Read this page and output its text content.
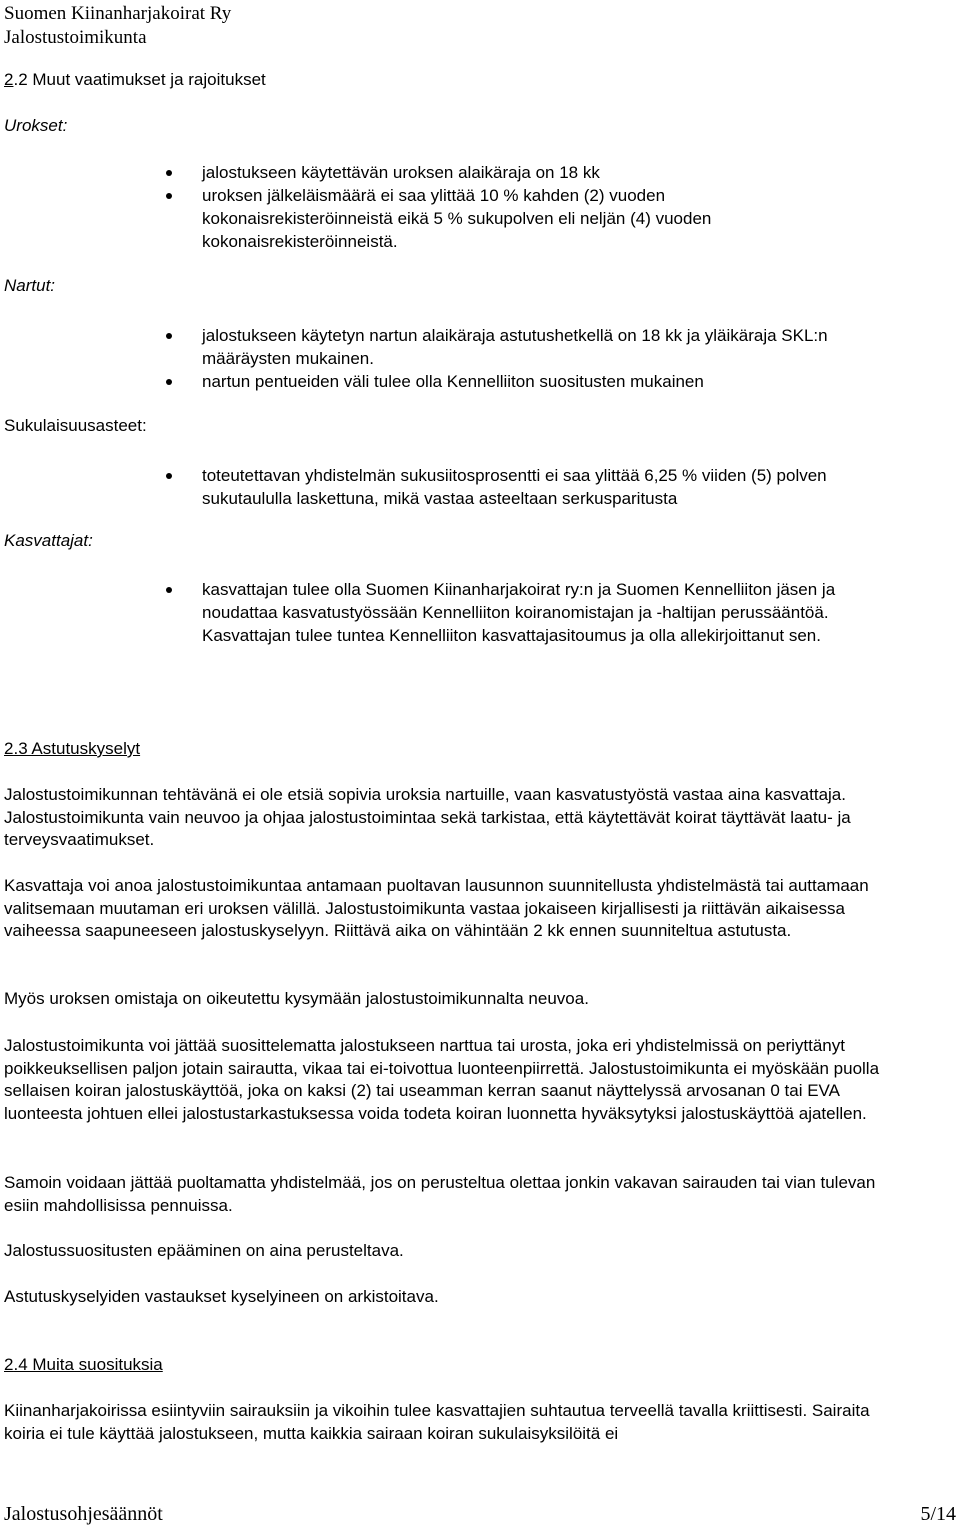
Suomen Kiinanharjakoirat Ry
Jalostustoimikunta
2.2 Muut vaatimukset ja rajoitukset
Urokset:
jalostukseen käytettävän uroksen alaikäraja on 18 kk
uroksen jälkeläismäärä ei saa ylittää 10 % kahden (2) vuoden kokonaisrekisteröinneistä eikä 5 % sukupolven eli neljän (4) vuoden kokonaisrekisteröinneistä.
Nartut:
jalostukseen käytetyn nartun alaikäraja astutushetkellä on 18 kk ja yläikäraja SKL:n määräysten mukainen.
nartun pentueiden väli tulee olla Kennelliiton suositusten mukainen
Sukulaisuusasteet:
toteutettavan yhdistelmän sukusiitosprosentti ei saa ylittää 6,25 % viiden (5) polven sukutaululla laskettuna, mikä vastaa asteeltaan serkusparitusta
Kasvattajat:
kasvattajan tulee olla Suomen Kiinanharjakoirat ry:n ja Suomen Kennelliiton jäsen ja noudattaa kasvatustyössään Kennelliiton koiranomistajan ja -haltijan perussääntöä. Kasvattajan tulee tuntea Kennelliiton kasvattajasitoumus ja olla allekirjoittanut sen.
2.3 Astutuskyselyt
Jalostustoimikunnan tehtävänä ei ole etsiä sopivia uroksia nartuille, vaan kasvatustyöstä vastaa aina kasvattaja. Jalostustoimikunta vain neuvoo ja ohjaa jalostustoimintaa sekä tarkistaa, että käytettävät koirat täyttävät laatu- ja terveysvaatimukset.
Kasvattaja voi anoa jalostustoimikuntaa antamaan puoltavan lausunnon suunnitellusta yhdistelmästä tai auttamaan valitsemaan muutaman eri uroksen välillä. Jalostustoimikunta vastaa jokaiseen kirjallisesti ja riittävän aikaisessa vaiheessa saapuneeseen jalostuskyselyyn. Riittävä aika on vähintään 2 kk ennen suunniteltua astutusta.
Myös uroksen omistaja on oikeutettu kysymään jalostustoimikunnalta neuvoa.
Jalostustoimikunta voi jättää suosittelematta jalostukseen narttua tai urosta, joka eri yhdistelmissä on periyttänyt poikkeuksellisen paljon jotain sairautta, vikaa tai ei-toivottua luonteenpiirrettä. Jalostustoimikunta ei myöskään puolla sellaisen koiran jalostuskäyttöä, joka on kaksi (2) tai useamman kerran saanut näyttelyssä arvosanan 0 tai EVA luonteesta johtuen ellei jalostustarkastuksessa voida todeta koiran luonnetta hyväksytyksi jalostuskäyttöä ajatellen.
Samoin voidaan jättää puoltamatta yhdistelmää, jos on perusteltua olettaa jonkin vakavan sairauden tai vian tulevan esiin mahdollisissa pennuissa.
Jalostussuositusten epääminen on aina perusteltava.
Astutuskyselyiden vastaukset kyselyineen on arkistoitava.
2.4 Muita suosituksia
Kiinanharjakoirissa esiintyviin sairauksiin ja vikoihin tulee kasvattajien suhtautua terveellä tavalla kriittisesti. Sairaita koiria ei tule käyttää jalostukseen, mutta kaikkia sairaan koiran sukulaisyksilöitä ei
Jalostusohjesäännöt	5/14
